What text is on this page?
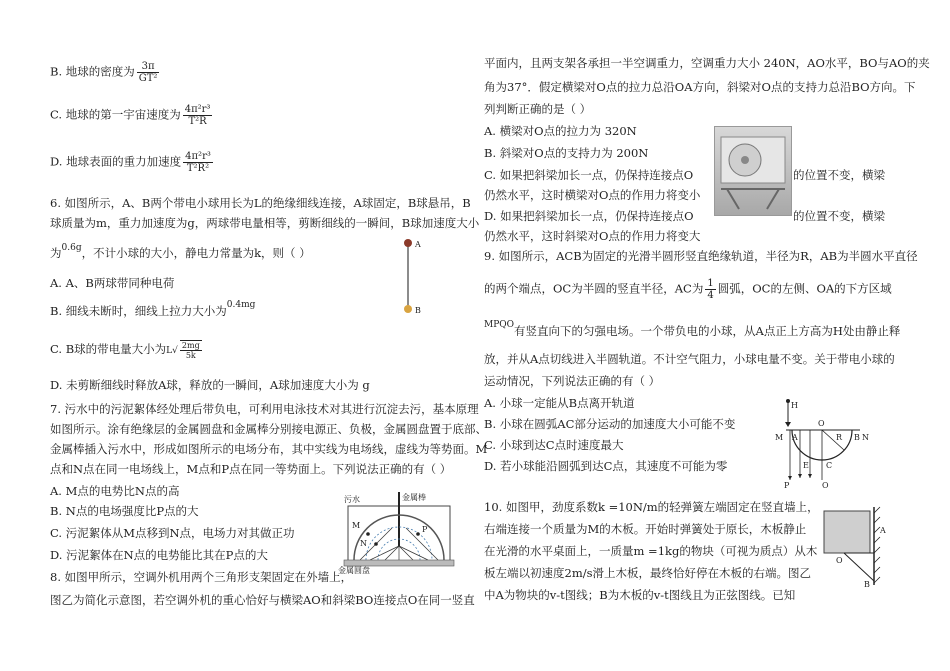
B. 地球的密度为 $\frac{3\pi}{\text{GT²}}$
C. 地球的第一宇宙速度为 $\frac{\text{4π²r³}}{\text{T²R}}$
D. 地球表面的重力加速度 $\frac{\text{4π²r³}}{\text{T²R²}}$
6. 如图所示，A、B两个带电小球用长为L的绝缘细线连接，A球固定，B球悬吊，B
球质量为m，重力加速度为g，两球带电量相等，剪断细线的一瞬间，B球加速度大小
为$^{0.6g}$，不计小球的大小，静电力常量为k，则（ ）
A. A、B两球带同种电荷
B. 细线未断时，细线上拉力大小为$^{0.4mg}$
C. B球的带电量大小为$L√ \frac{2mg}{5k}$
D. 未剪断细线时释放A球，释放的一瞬间，A球加速度大小为 g
A
B
7. 污水中的污泥絮体经处理后带负电，可利用电泳技术对其进行沉淀去污，基本原理
如图所示。涂有绝缘层的金属圆盘和金属棒分别接电源正、负极，金属圆盘置于底部、
金属棒插入污水中，形成如图所示的电场分布，其中实线为电场线，虚线为等势面。M
点和N点在同一电场线上，M点和P点在同一等势面上。下列说法正确的有（ ）
A. M点的电势比N点的高
B. N点的电场强度比P点的大
C. 污泥絮体从M点移到N点，电场力对其做正功
D. 污泥絮体在N点的电势能比其在P点的大
污水	金属棒
M
N
P
金属圆盘
8. 如图甲所示，空调外机用两个三角形支架固定在外墙上，
图乙为简化示意图，若空调外机的重心恰好与横梁AO和斜梁BO连接点O在同一竖直
平面内，且两支架各承担一半空调重力，空调重力大小 240N，AO水平，BO与AO的夹
角为37°．假定横梁对O点的拉力总沿OA方向，斜梁对O点的支持力总沿BO方向。下
列判断正确的是（ ）
A. 横梁对O点的拉力为 320N
B. 斜梁对O点的支持力为 200N
C. 如果把斜梁加长一点，仍保持连接点O	的位置不变，横梁
仍然水平，这时横梁对O点的作用力将变小
D. 如果把斜梁加长一点，仍保持连接点O	的位置不变，横梁
仍然水平，这时斜梁对O点的作用力将变大
9. 如图所示，ACB为固定的光滑半圆形竖直绝缘轨道，半径为R，AB为半圆水平直径
的两个端点，OC为半圆的竖直半径，AC为 $\frac{1}{4}$ 圆弧，OC的左侧、OA的下方区域
$^{MPQO}$有竖直向下的匀强电场。一个带负电的小球，从A点正上方高为H处由静止释
放，并从A点切线进入半圆轨道。不计空气阻力，小球电量不变。关于带电小球的
运动情况，下列说法正确的有（ ）
A. 小球一定能从B点离开轨道
B. 小球在圆弧AC部分运动的加速度大小可能不变
C. 小球到达C点时速度最大
D. 若小球能沿圆弧到达C点，其速度不可能为零
H
M A
O
R B N
E C
P	Q
10. 如图甲，劲度系数k =10N/m的轻弹簧左端固定在竖直墙上，
右端连接一个质量为M的木板。开始时弹簧处于原长，木板静止
在光滑的水平桌面上，一质量m =1kg的物块（可视为质点）从木
板左端以初速度2m/s滑上木板，最终恰好停在木板的右端。图乙
中A为物块的v-t图线；B为木板的v-t图线且为正弦图线。已知
A
O
B
